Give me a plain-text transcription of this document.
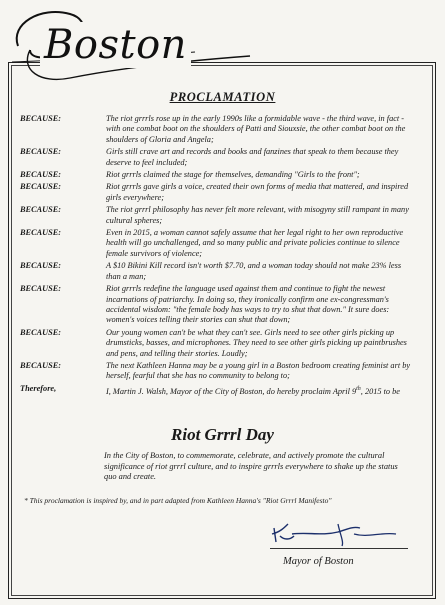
Boston
PROCLAMATION
BECAUSE:	The riot grrrls rose up in the early 1990s like a formidable wave - the third wave, in fact - with one combat boot on the shoulders of Patti and Siouxsie, the other combat boot on the shoulders of Gloria and Angela;
BECAUSE:	Girls still crave art and records and books and fanzines that speak to them because they deserve to feel included;
BECAUSE:	Riot grrrls claimed the stage for themselves, demanding "Girls to the front";
BECAUSE:	Riot grrrls gave girls a voice, created their own forms of media that mattered, and inspired girls everywhere;
BECAUSE:	The riot grrrl philosophy has never felt more relevant, with misogyny still rampant in many cultural spheres;
BECAUSE:	Even in 2015, a woman cannot safely assume that her legal right to her own reproductive health will go unchallenged, and so many public and private policies continue to silence female survivors of violence;
BECAUSE:	A $10 Bikini Kill record isn't worth $7.70, and a woman today should not make 23% less than a man;
BECAUSE:	Riot grrrls redefine the language used against them and continue to fight the newest incarnations of patriarchy. In doing so, they ironically confirm one ex-congressman's accidental wisdom: "the female body has ways to try to shut that down." It sure does: women's voices telling their stories can shut that down;
BECAUSE:	Our young women can't be what they can't see. Girls need to see other girls picking up drumsticks, basses, and microphones. They need to see other girls picking up paintbrushes and pens, and telling their stories. Loudly;
BECAUSE:	The next Kathleen Hanna may be a young girl in a Boston bedroom creating feminist art by herself, fearful that she has no community to belong to;
Therefore,	I, Martin J. Walsh, Mayor of the City of Boston, do hereby proclaim April 9th, 2015 to be
Riot Grrrl Day
In the City of Boston, to commemorate, celebrate, and actively promote the cultural significance of riot grrrl culture, and to inspire grrrls everywhere to shake up the status quo and create.
* This proclamation is inspired by, and in part adapted from Kathleen Hanna's "Riot Grrrl Manifesto"
Mayor of Boston
